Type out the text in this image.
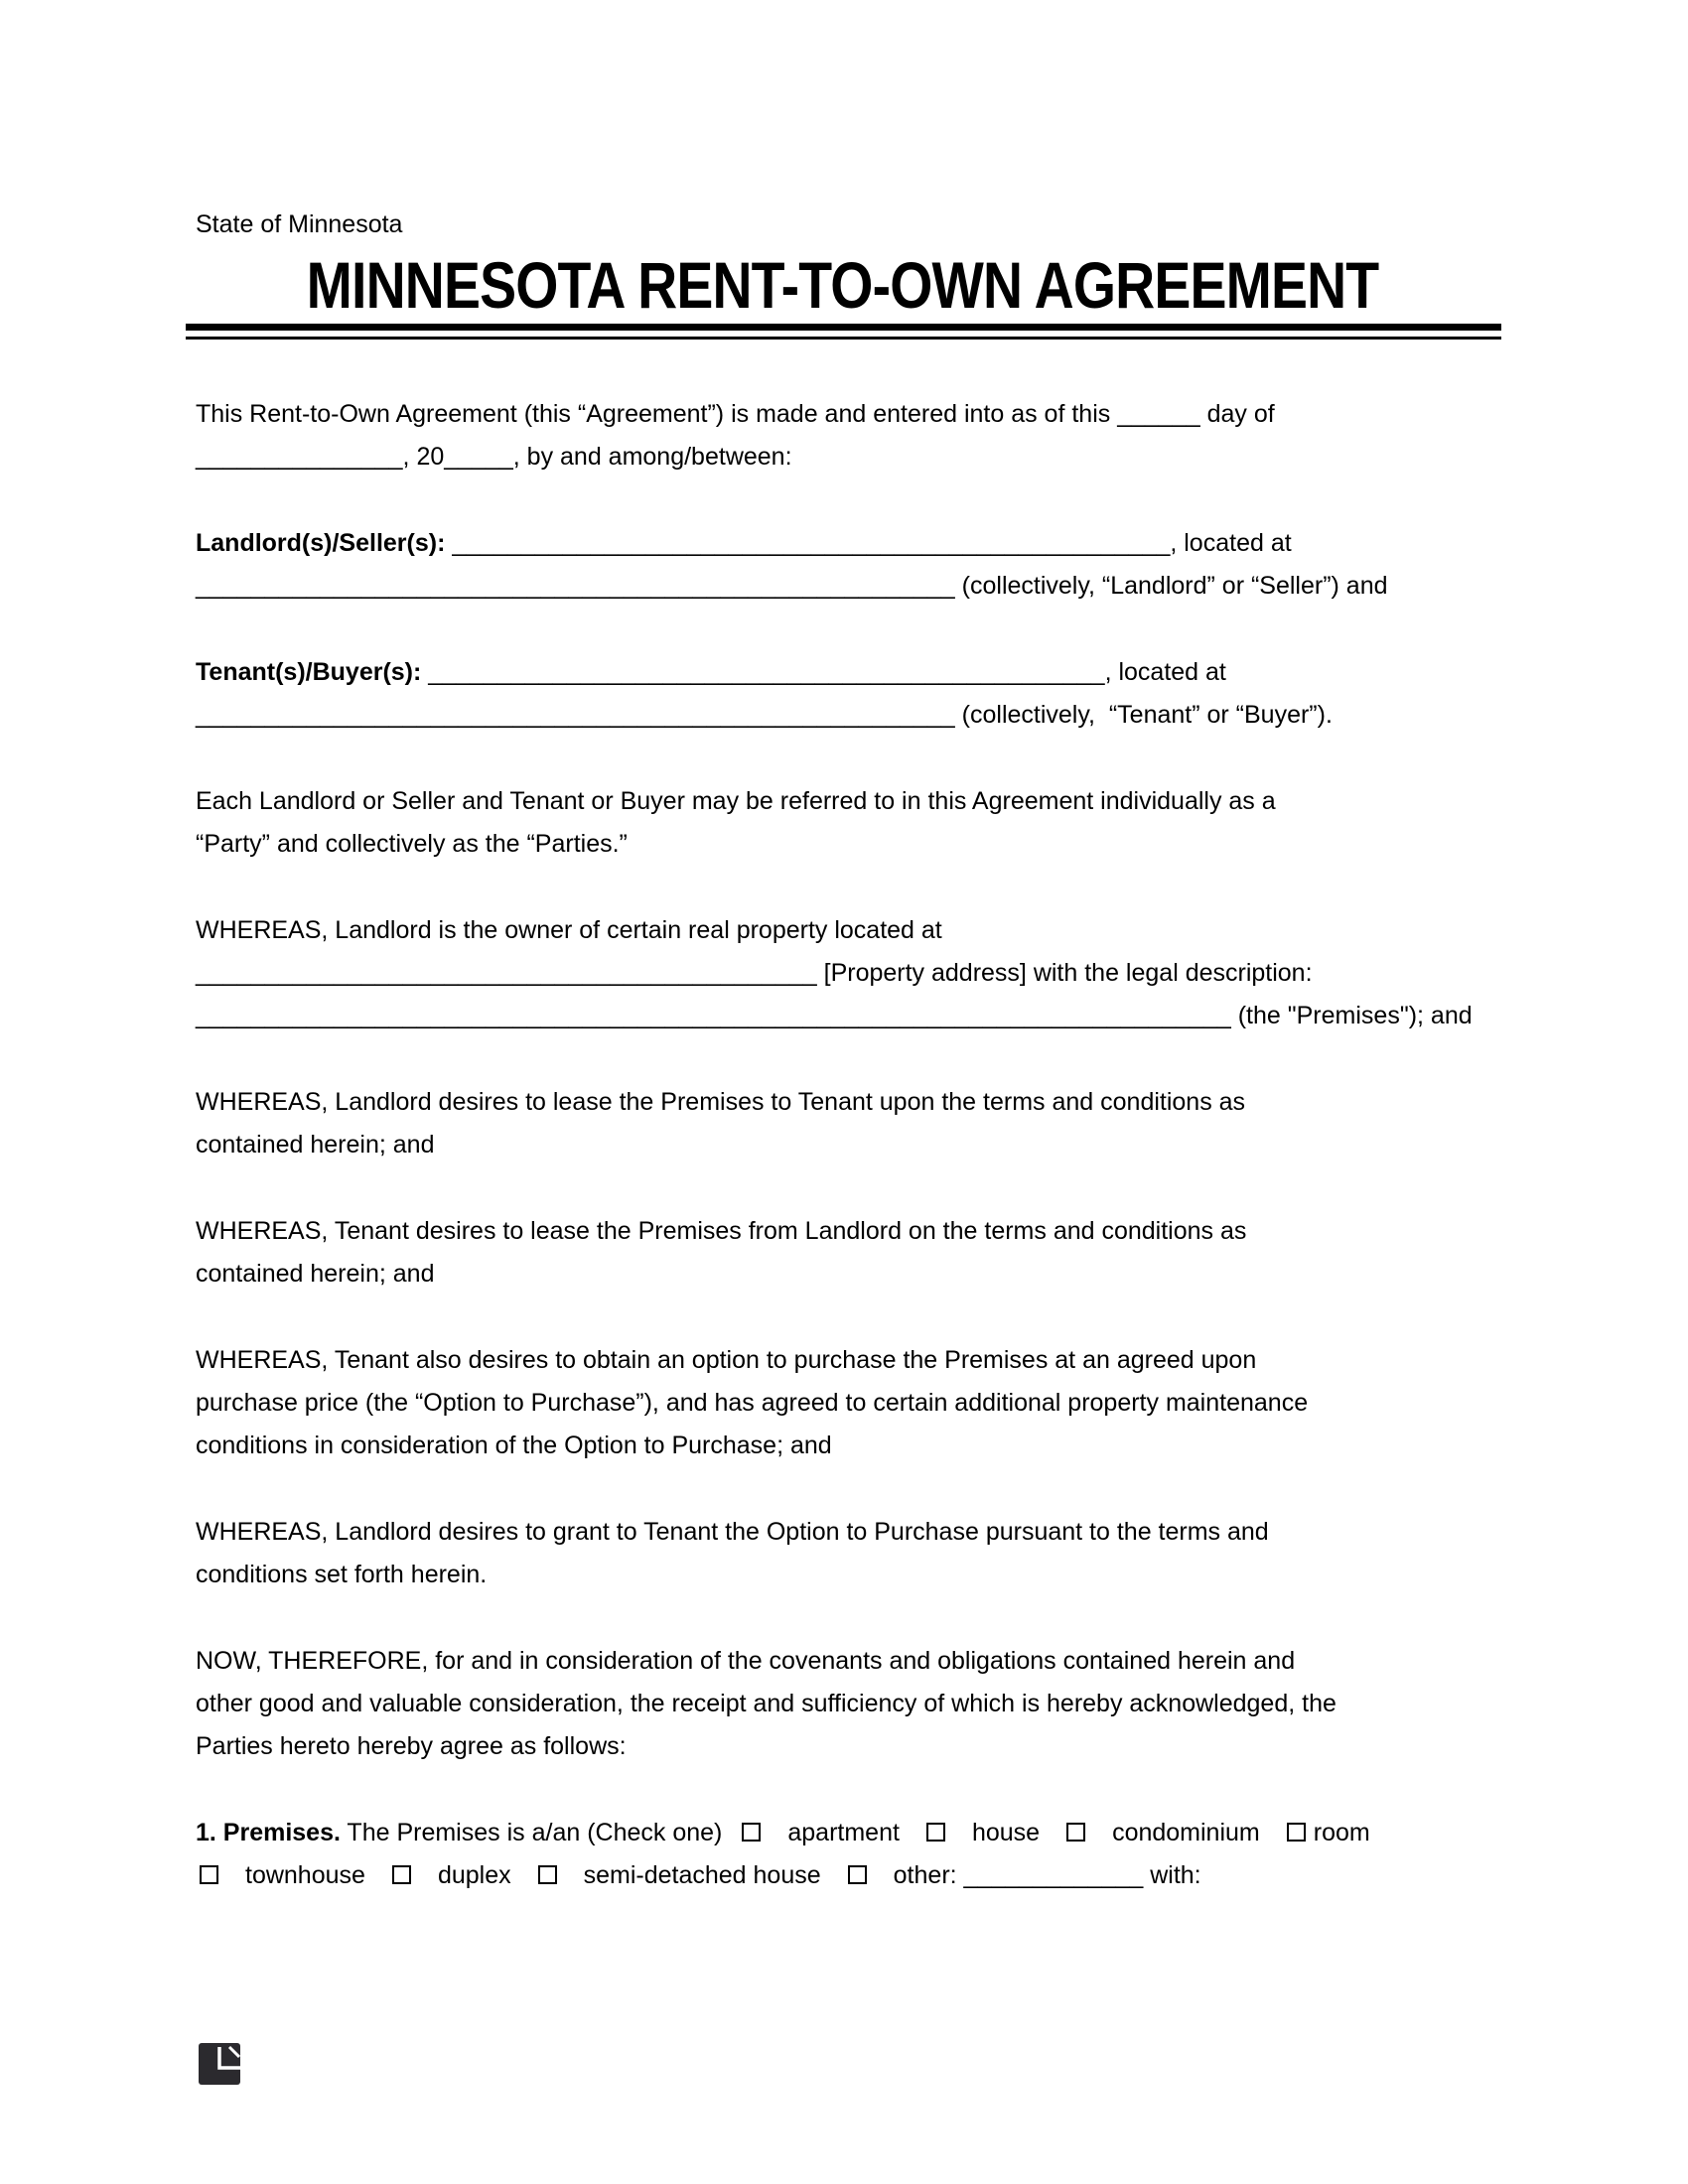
State of Minnesota
MINNESOTA RENT-TO-OWN AGREEMENT
This Rent-to-Own Agreement (this “Agreement”) is made and entered into as of this ______ day of
_______________, 20_____, by and among/between:
Landlord(s)/Seller(s): ____________________________________________________, located at
_______________________________________________________ (collectively, “Landlord” or “Seller”) and
Tenant(s)/Buyer(s): _________________________________________________, located at
_______________________________________________________ (collectively,  “Tenant” or “Buyer”).
Each Landlord or Seller and Tenant or Buyer may be referred to in this Agreement individually as a
“Party” and collectively as the “Parties.”
WHEREAS, Landlord is the owner of certain real property located at
_____________________________________________ [Property address] with the legal description:
___________________________________________________________________________ (the "Premises"); and
WHEREAS, Landlord desires to lease the Premises to Tenant upon the terms and conditions as
contained herein; and
WHEREAS, Tenant desires to lease the Premises from Landlord on the terms and conditions as
contained herein; and
WHEREAS, Tenant also desires to obtain an option to purchase the Premises at an agreed upon
purchase price (the “Option to Purchase”), and has agreed to certain additional property maintenance
conditions in consideration of the Option to Purchase; and
WHEREAS, Landlord desires to grant to Tenant the Option to Purchase pursuant to the terms and
conditions set forth herein.
NOW, THEREFORE, for and in consideration of the covenants and obligations contained herein and
other good and valuable consideration, the receipt and sufficiency of which is hereby acknowledged, the
Parties hereto hereby agree as follows:
1. Premises. The Premises is a/an (Check one)	apartment	house	condominium room
townhouse	duplex	semi-detached house	other: _____________ with:
